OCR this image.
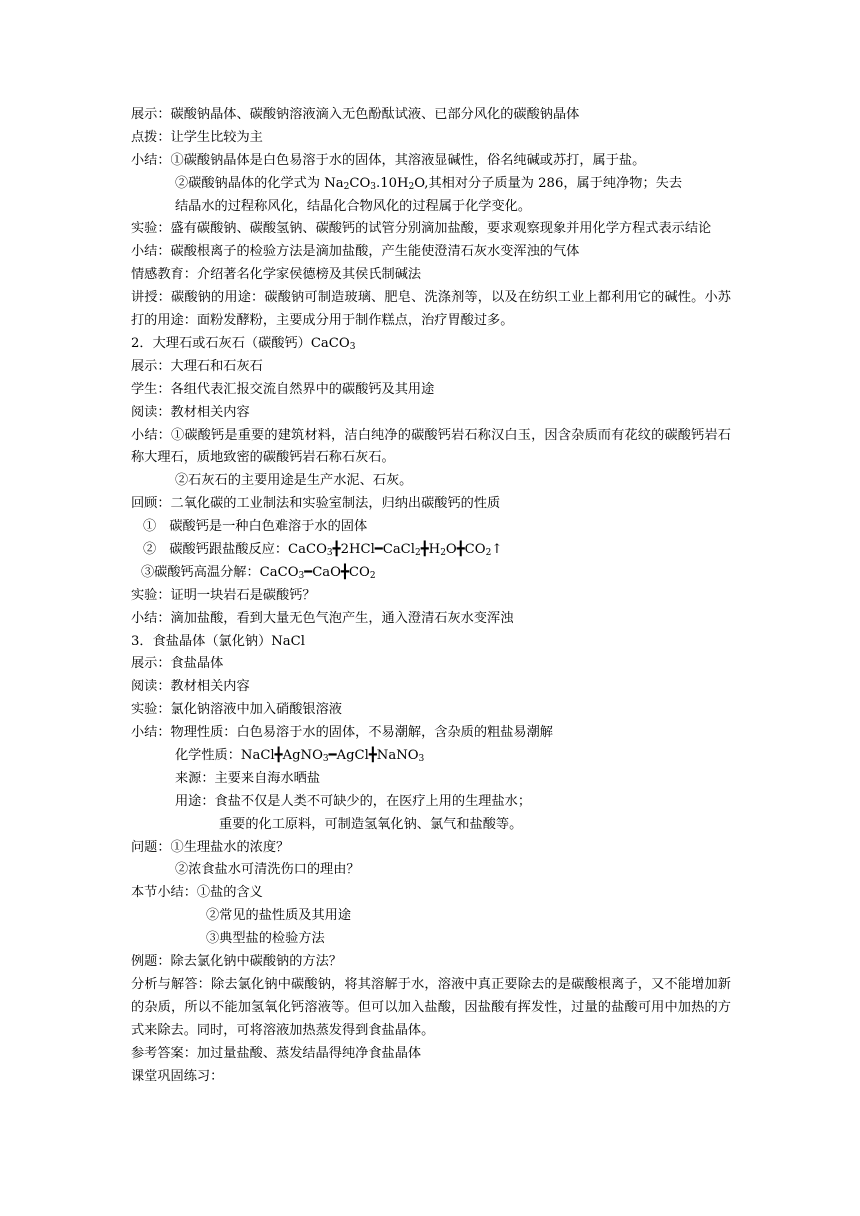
展示：碳酸钠晶体、碳酸钠溶液滴入无色酚酞试液、已部分风化的碳酸钠晶体
点拨：让学生比较为主
小结：①碳酸钠晶体是白色易溶于水的固体，其溶液显碱性，俗名纯碱或苏打，属于盐。
②碳酸钠晶体的化学式为 $Na_2CO_3.10H_2O$,其相对分子质量为 286，属于纯净物；失去
结晶水的过程称风化，结晶化合物风化的过程属于化学变化。
实验：盛有碳酸钠、碳酸氢钠、碳酸钙的试管分别滴加盐酸，要求观察现象并用化学方程式表示结论
小结：碳酸根离子的检验方法是滴加盐酸，产生能使澄清石灰水变浑浊的气体
情感教育：介绍著名化学家侯德榜及其侯氏制碱法
讲授：碳酸钠的用途：碳酸钠可制造玻璃、肥皂、洗涤剂等，以及在纺织工业上都利用它的碱性。小苏打的用途：面粉发酵粉，主要成分用于制作糕点，治疗胃酸过多。
2．大理石或石灰石（碳酸钙）CaCO$_3$
展示：大理石和石灰石
学生：各组代表汇报交流自然界中的碳酸钙及其用途
阅读：教材相关内容
小结：①碳酸钙是重要的建筑材料，洁白纯净的碳酸钙岩石称汉白玉，因含杂质而有花纹的碳酸钙岩石称大理石，质地致密的碳酸钙岩石称石灰石。
②石灰石的主要用途是生产水泥、石灰。
回顾：二氧化碳的工业制法和实验室制法，归纳出碳酸钙的性质
①　碳酸钙是一种白色难溶于水的固体
②　碳酸钙跟盐酸反应：$CaCO_3╋2HCl━CaCl_2╋H_2O╋CO_2↑$
③碳酸钙高温分解：$CaCO_3━CaO╋CO_2$
实验：证明一块岩石是碳酸钙？
小结：滴加盐酸，看到大量无色气泡产生，通入澄清石灰水变浑浊
3．食盐晶体（氯化钠）NaCl
展示：食盐晶体
阅读：教材相关内容
实验：氯化钠溶液中加入硝酸银溶液
小结：物理性质：白色易溶于水的固体，不易潮解，含杂质的粗盐易潮解
化学性质：NaCl╋AgNO$_3$━AgCl╋NaNO$_3$
来源：主要来自海水晒盐
用途：食盐不仅是人类不可缺少的，在医疗上用的生理盐水；
重要的化工原料，可制造氢氧化钠、氯气和盐酸等。
问题：①生理盐水的浓度？
②浓食盐水可清洗伤口的理由？
本节小结：①盐的含义
②常见的盐性质及其用途
③典型盐的检验方法
例题：除去氯化钠中碳酸钠的方法？
分析与解答：除去氯化钠中碳酸钠，将其溶解于水，溶液中真正要除去的是碳酸根离子，又不能增加新的杂质，所以不能加氢氧化钙溶液等。但可以加入盐酸，因盐酸有挥发性，过量的盐酸可用中加热的方式来除去。同时，可将溶液加热蒸发得到食盐晶体。
参考答案：加过量盐酸、蒸发结晶得纯净食盐晶体
课堂巩固练习：
